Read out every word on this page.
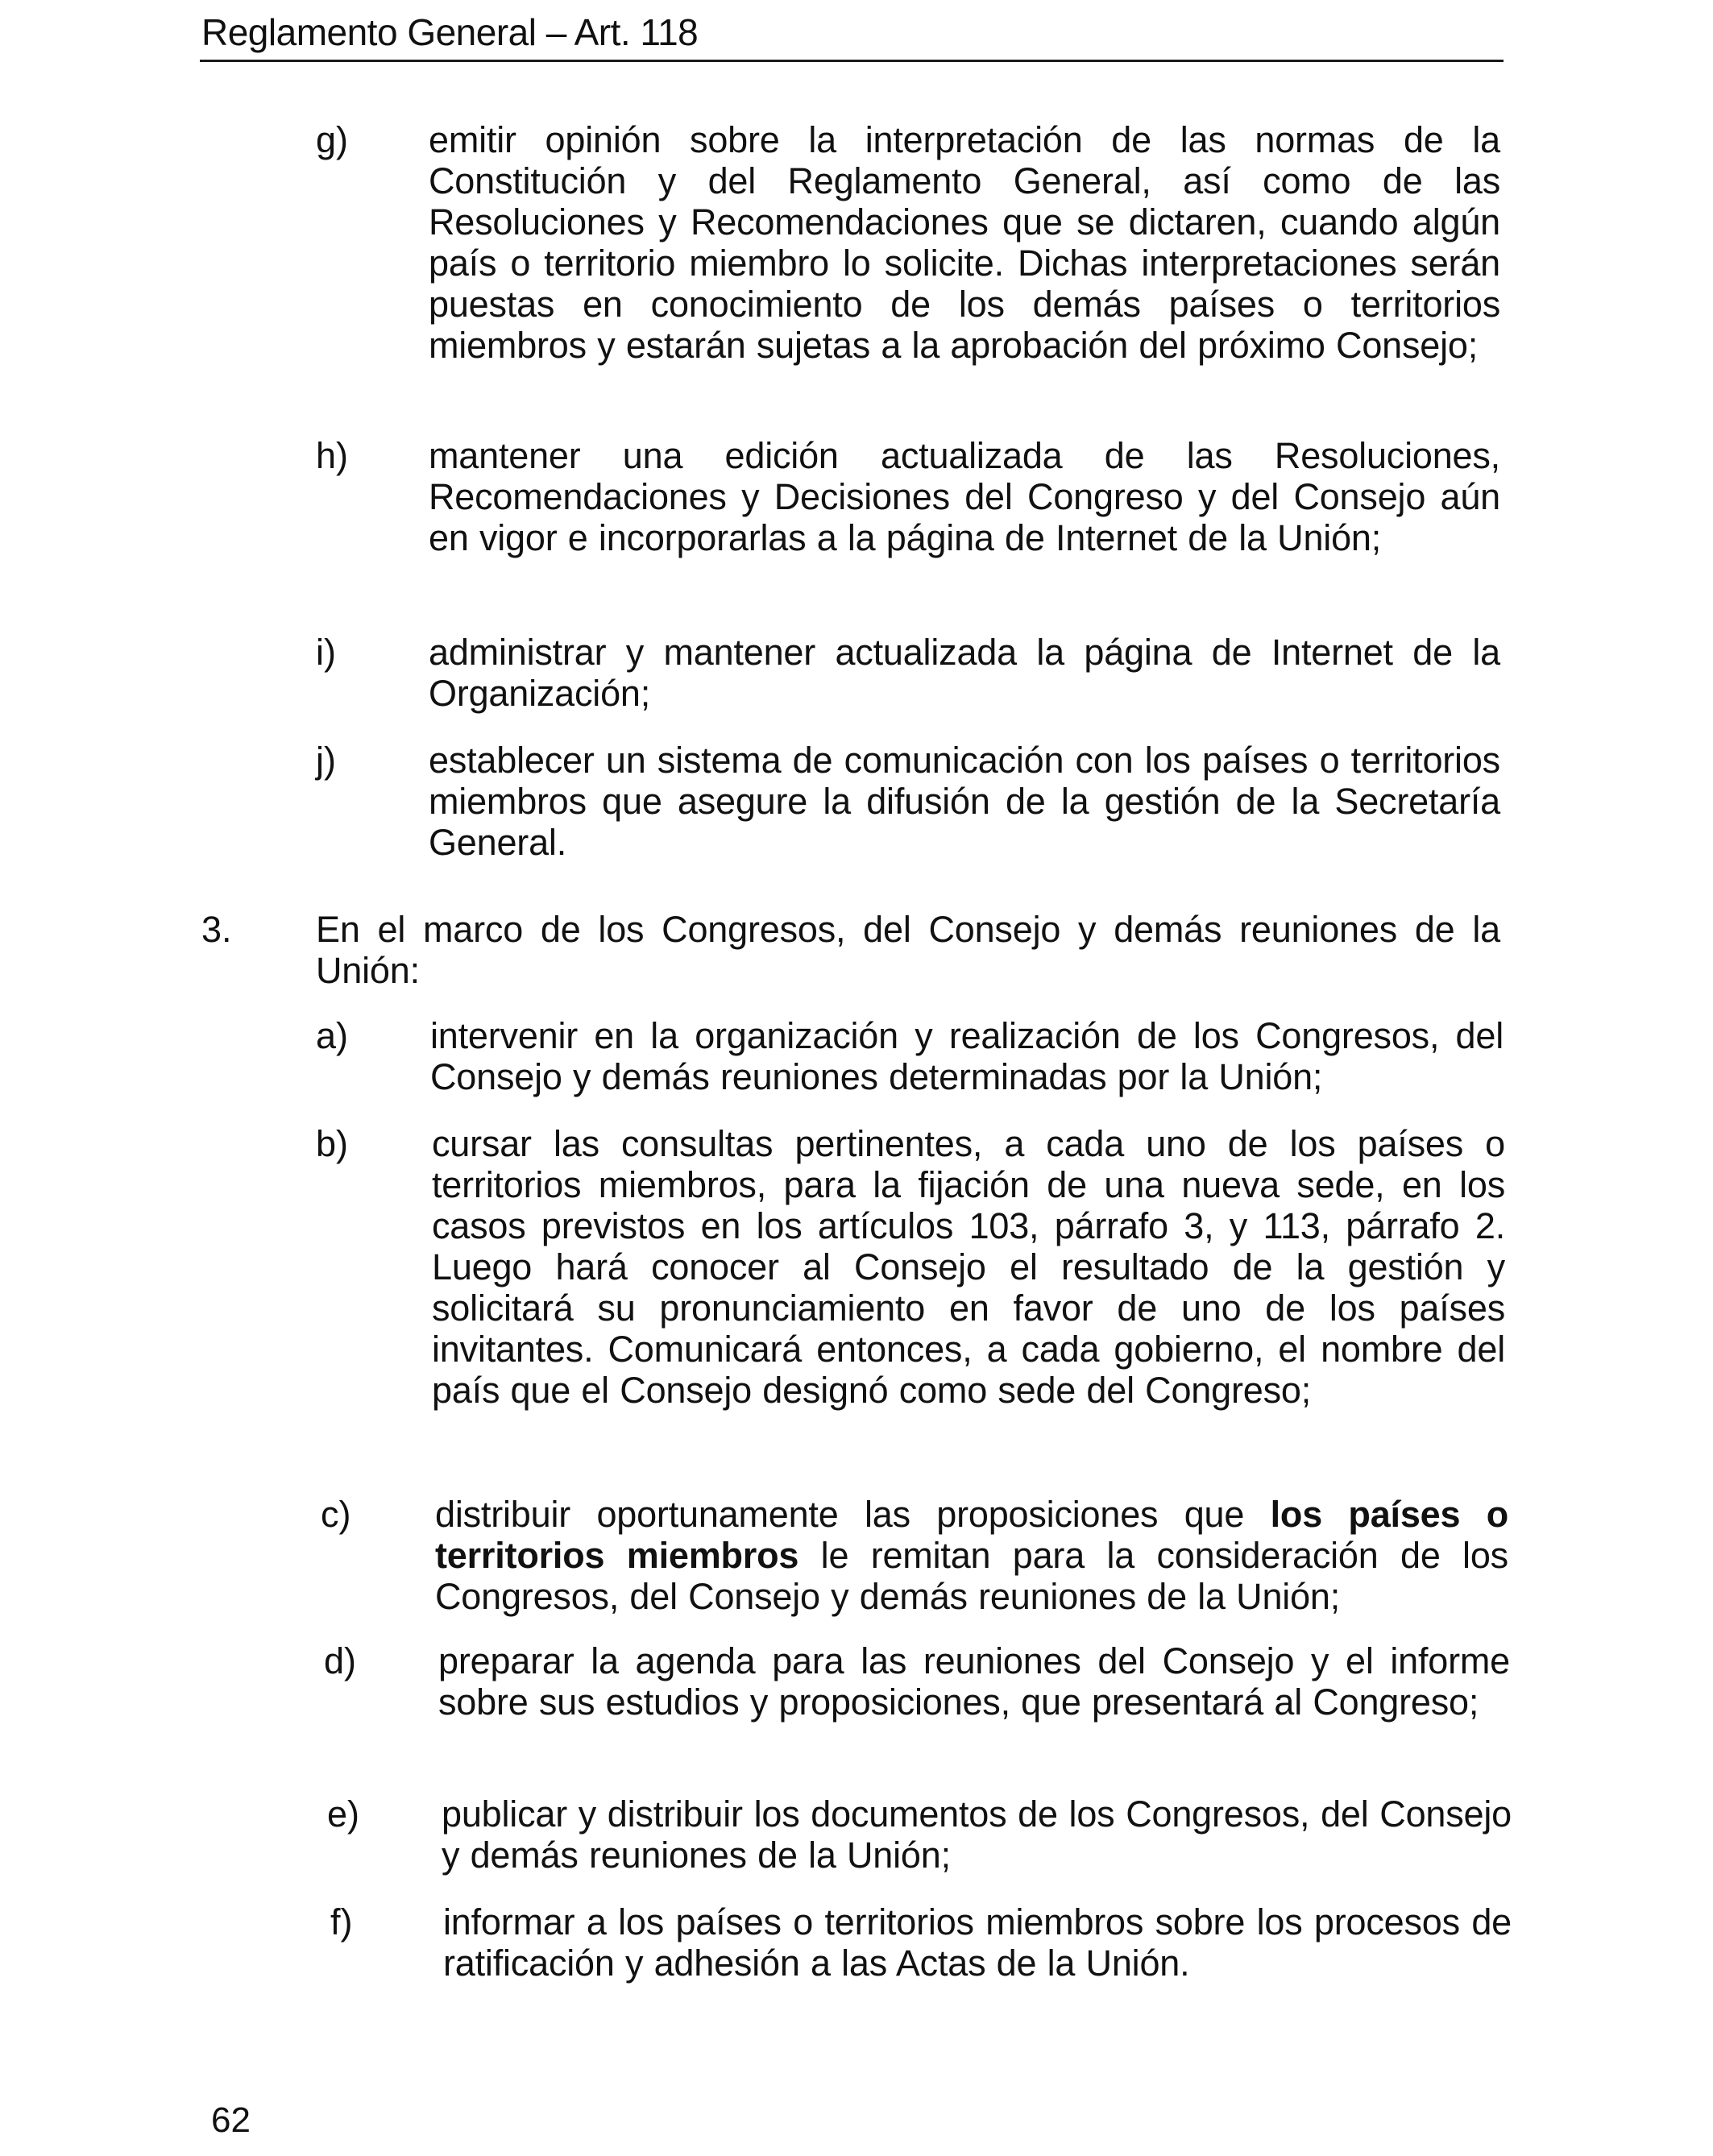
Reglamento General – Art. 118
g) emitir opinión sobre la interpretación de las normas de la Constitución y del Reglamento General, así como de las Resoluciones y Recomendaciones que se dictaren, cuando algún país o territorio miembro lo solicite. Dichas interpretaciones serán puestas en conocimiento de los demás países o territorios miembros y estarán sujetas a la aprobación del próximo Consejo;

h) mantener una edición actualizada de las Resoluciones, Recomendaciones y Decisiones del Congreso y del Consejo aún en vigor e incorporarlas a la página de Internet de la Unión;

i)	administrar y mantener actualizada la página de Internet de la Organización;

j)	establecer un sistema de comunicación con los países o territorios miembros que asegure la difusión de la gestión de la Secretaría General.

3. En el marco de los Congresos, del Consejo y demás reuniones de la Unión:

a) intervenir en la organización y realización de los Congresos, del Consejo y demás reuniones determinadas por la Unión;

b) cursar las consultas pertinentes, a cada uno de los países o territorios miembros, para la fijación de una nueva sede, en los casos previstos en los artículos 103, párrafo 3, y 113, párrafo 2. Luego hará conocer al Consejo el resultado de la gestión y solicitará su pronunciamiento en favor de uno de los países invitantes. Comunicará entonces, a cada gobierno, el nombre del país que el Consejo designó como sede del Congreso;

c) distribuir oportunamente las proposiciones que los países o territorios miembros le remitan para la consideración de los Congresos, del Consejo y demás reuniones de la Unión;

d) preparar la agenda para las reuniones del Consejo y el informe sobre sus estudios y proposiciones, que presentará al Congreso;

e) publicar y distribuir los documentos de los Congresos, del Consejo y demás reuniones de la Unión;

f)	informar a los países o territorios miembros sobre los procesos de ratificación y adhesión a las Actas de la Unión.

62
